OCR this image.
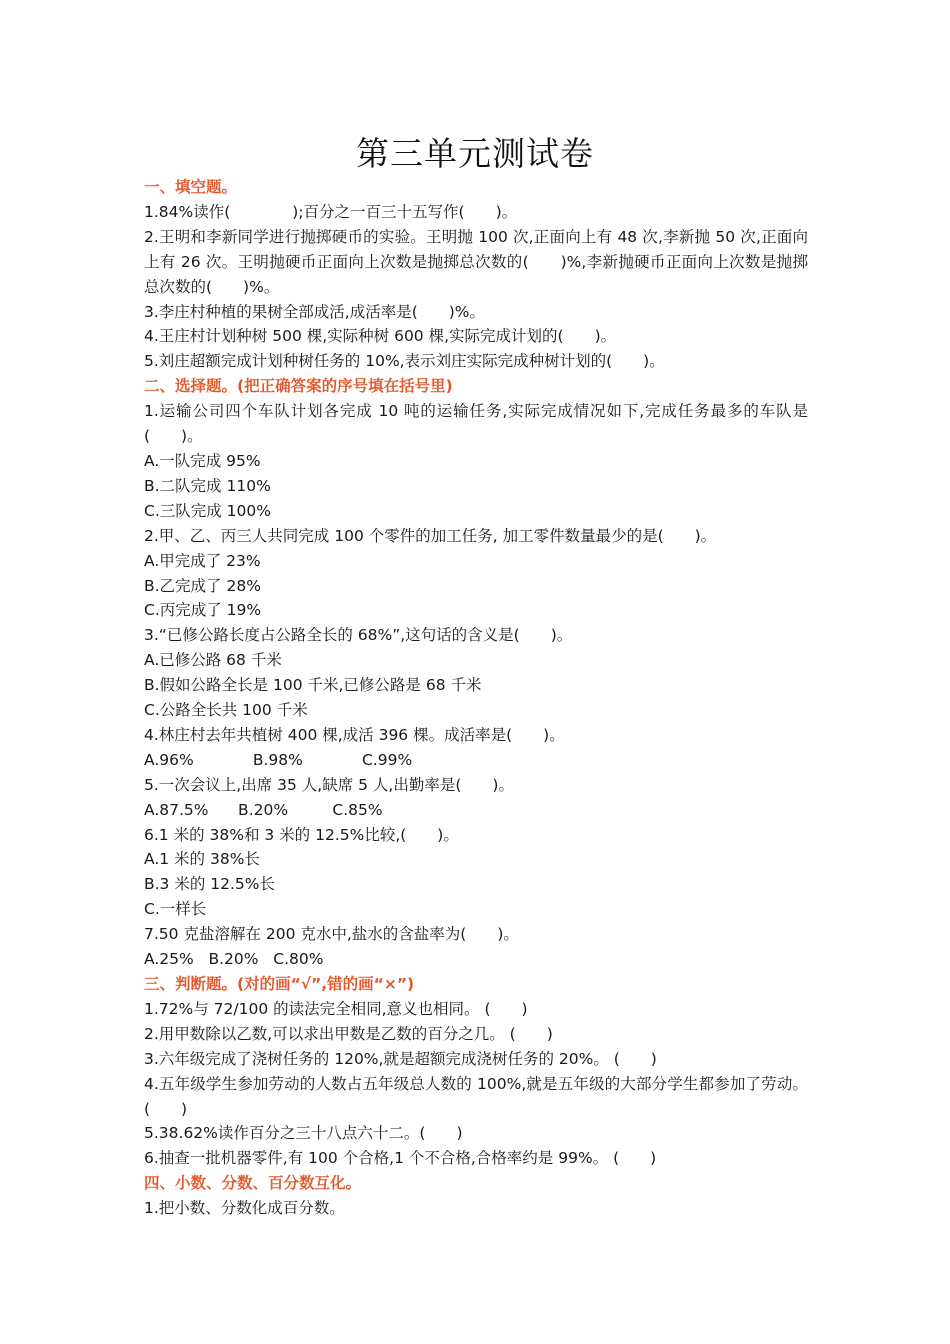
第三单元测试卷
一、填空题。
1.84%读作(　　　　);百分之一百三十五写作(　　)。
2.王明和李新同学进行抛掷硬币的实验。王明抛 100 次,正面向上有 48 次,李新抛 50 次,正面向上有 26 次。王明抛硬币正面向上次数是抛掷总次数的(　　)%,李新抛硬币正面向上次数是抛掷总次数的(　　)%。
3.李庄村种植的果树全部成活,成活率是(　　)%。
4.王庄村计划种树 500 棵,实际种树 600 棵,实际完成计划的(　　)。
5.刘庄超额完成计划种树任务的 10%,表示刘庄实际完成种树计划的(　　)。
二、选择题。(把正确答案的序号填在括号里)
1.运输公司四个车队计划各完成 10 吨的运输任务,实际完成情况如下,完成任务最多的车队是(　　)。
A.一队完成 95%
B.二队完成 110%
C.三队完成 100%
2.甲、乙、丙三人共同完成 100 个零件的加工任务, 加工零件数量最少的是(　　)。
A.甲完成了 23%
B.乙完成了 28%
C.丙完成了 19%
3.“已修公路长度占公路全长的 68%”,这句话的含义是(　　)。
A.已修公路 68 千米
B.假如公路全长是 100 千米,已修公路是 68 千米
C.公路全长共 100 千米
4.林庄村去年共植树 400 棵,成活 396 棵。成活率是(　　)。
A.96%            B.98%            C.99%
5.一次会议上,出席 35 人,缺席 5 人,出勤率是(　　)。
A.87.5%      B.20%         C.85%
6.1 米的 38%和 3 米的 12.5%比较,(　　)。
A.1 米的 38%长
B.3 米的 12.5%长
C.一样长
7.50 克盐溶解在 200 克水中,盐水的含盐率为(　　)。
A.25%   B.20%   C.80%
三、判断题。(对的画“√”,错的画“×”)
1.72%与 72/100 的读法完全相同,意义也相同。 (　　)
2.用甲数除以乙数,可以求出甲数是乙数的百分之几。 (　　)
3.六年级完成了浇树任务的 120%,就是超额完成浇树任务的 20%。 (　　)
4.五年级学生参加劳动的人数占五年级总人数的 100%,就是五年级的大部分学生都参加了劳动。 (　　)
5.38.62%读作百分之三十八点六十二。(　　)
6.抽查一批机器零件,有 100 个合格,1 个不合格,合格率约是 99%。 (　　)
四、小数、分数、百分数互化。
1.把小数、分数化成百分数。
